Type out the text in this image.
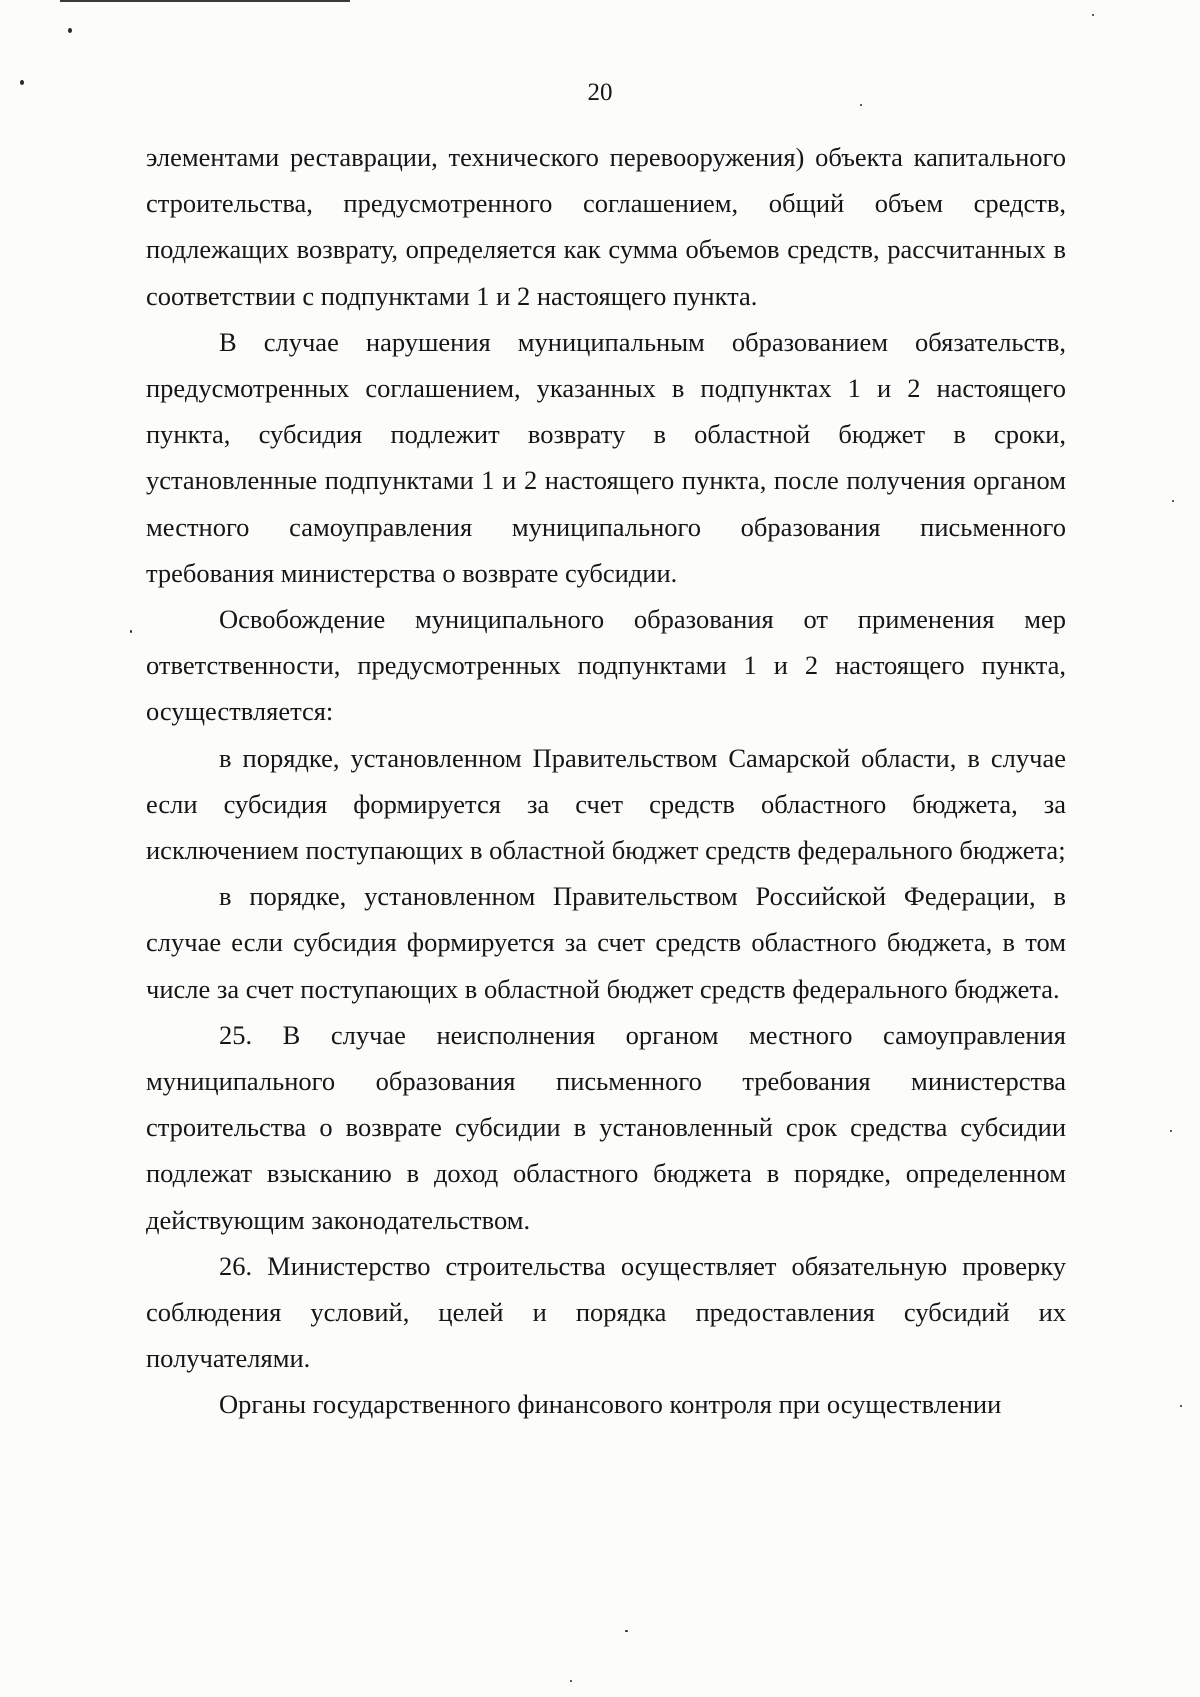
20

элементами реставрации, технического перевооружения) объекта капитального строительства, предусмотренного соглашением, общий объем средств, подлежащих возврату, определяется как сумма объемов средств, рассчитанных в соответствии с подпунктами 1 и 2 настоящего пункта.

В случае нарушения муниципальным образованием обязательств, предусмотренных соглашением, указанных в подпунктах 1 и 2 настоящего пункта, субсидия подлежит возврату в областной бюджет в сроки, установленные подпунктами 1 и 2 настоящего пункта, после получения органом местного самоуправления муниципального образования письменного требования министерства о возврате субсидии.

Освобождение муниципального образования от применения мер ответственности, предусмотренных подпунктами 1 и 2 настоящего пункта, осуществляется:

в порядке, установленном Правительством Самарской области, в случае если субсидия формируется за счет средств областного бюджета, за исключением поступающих в областной бюджет средств федерального бюджета;

в порядке, установленном Правительством Российской Федерации, в случае если субсидия формируется за счет средств областного бюджета, в том числе за счет поступающих в областной бюджет средств федерального бюджета.

25. В случае неисполнения органом местного самоуправления муниципального образования письменного требования министерства строительства о возврате субсидии в установленный срок средства субсидии подлежат взысканию в доход областного бюджета в порядке, определенном действующим законодательством.

26. Министерство строительства осуществляет обязательную проверку соблюдения условий, целей и порядка предоставления субсидий их получателями.

Органы государственного финансового контроля при осуществлении
